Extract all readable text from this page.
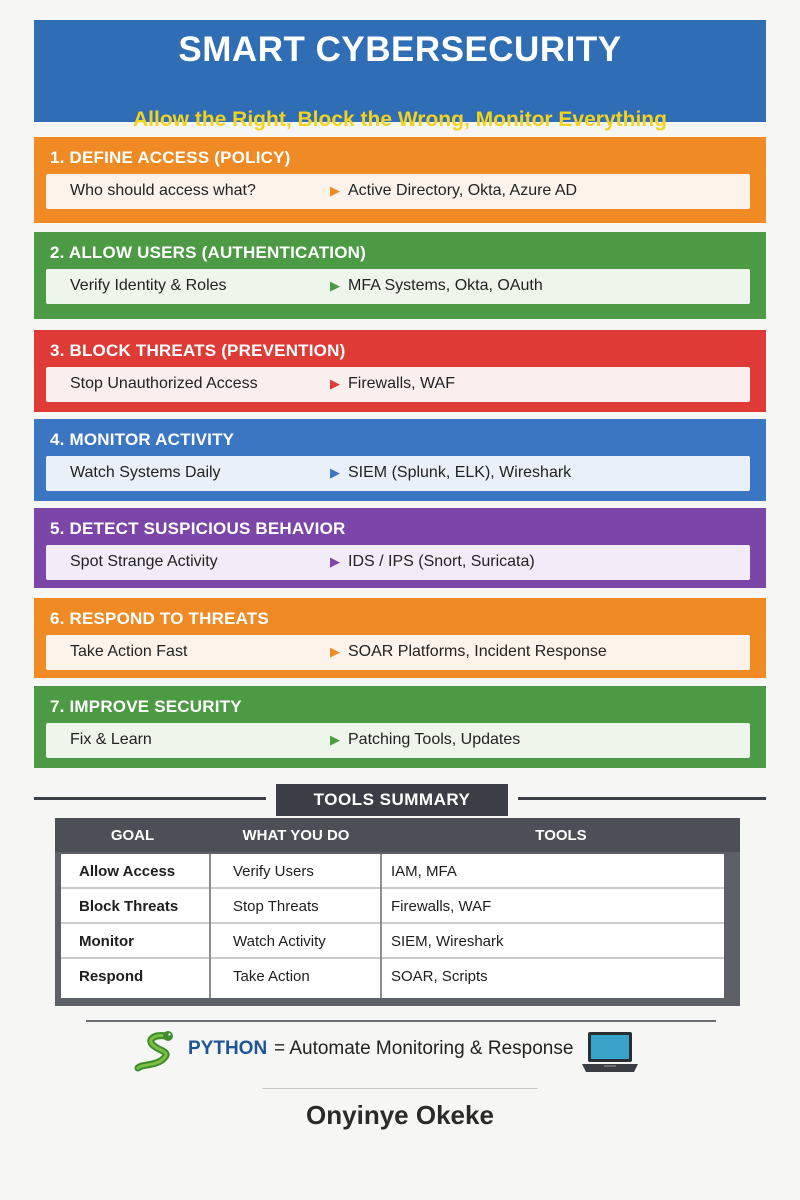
SMART CYBERSECURITY
Allow the Right, Block the Wrong, Monitor Everything
1. DEFINE ACCESS (POLICY)
Who should access what?	▶ Active Directory, Okta, Azure AD
2. ALLOW USERS (AUTHENTICATION)
Verify Identity & Roles	▶ MFA Systems, Okta, OAuth
3. BLOCK THREATS (PREVENTION)
Stop Unauthorized Access	▶ Firewalls, WAF
4. MONITOR ACTIVITY
Watch Systems Daily	▶ SIEM (Splunk, ELK), Wireshark
5. DETECT SUSPICIOUS BEHAVIOR
Spot Strange Activity	▶ IDS / IPS (Snort, Suricata)
6. RESPOND TO THREATS
Take Action Fast	▶ SOAR Platforms, Incident Response
7. IMPROVE SECURITY
Fix & Learn	▶ Patching Tools, Updates
TOOLS SUMMARY
GOAL	WHAT YOU DO	TOOLS
Allow Access	Verify Users	IAM, MFA
Block Threats	Stop Threats	Firewalls, WAF
Monitor	Watch Activity	SIEM, Wireshark
Respond	Take Action	SOAR, Scripts
PYTHON = Automate Monitoring & Response
Onyinye Okeke
